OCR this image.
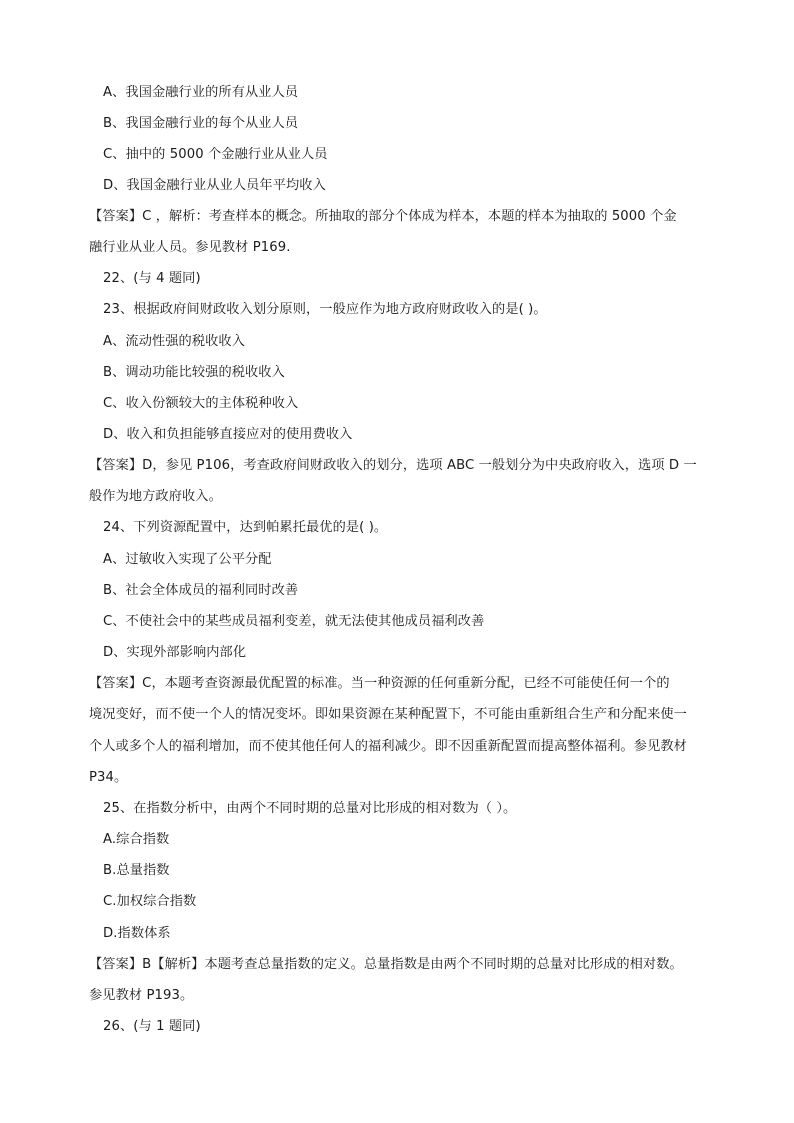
A、我国金融行业的所有从业人员
B、我国金融行业的每个从业人员
C、抽中的 5000 个金融行业从业人员
D、我国金融行业从业人员年平均收入
【答案】C ，解析：考查样本的概念。所抽取的部分个体成为样本，本题的样本为抽取的 5000 个金
融行业从业人员。参见教材 P169.
22、(与 4 题同)
23、根据政府间财政收入划分原则，一般应作为地方政府财政收入的是( )。
A、流动性强的税收收入
B、调动功能比较强的税收收入
C、收入份额较大的主体税种收入
D、收入和负担能够直接应对的使用费收入
【答案】D，参见 P106，考查政府间财政收入的划分，选项 ABC 一般划分为中央政府收入，选项 D 一
般作为地方政府收入。
24、下列资源配置中，达到帕累托最优的是( )。
A、过敏收入实现了公平分配
B、社会全体成员的福利同时改善
C、不使社会中的某些成员福利变差，就无法使其他成员福利改善
D、实现外部影响内部化
【答案】C，本题考查资源最优配置的标准。当一种资源的任何重新分配，已经不可能使任何一个的
境况变好，而不使一个人的情况变坏。即如果资源在某种配置下，不可能由重新组合生产和分配来使一
个人或多个人的福利增加，而不使其他任何人的福利减少。即不因重新配置而提高整体福利。参见教材
P34。
25、在指数分析中，由两个不同时期的总量对比形成的相对数为（ ）。
A.综合指数
B.总量指数
C.加权综合指数
D.指数体系
【答案】B【解析】本题考查总量指数的定义。总量指数是由两个不同时期的总量对比形成的相对数。
参见教材 P193。
26、(与 1 题同)
